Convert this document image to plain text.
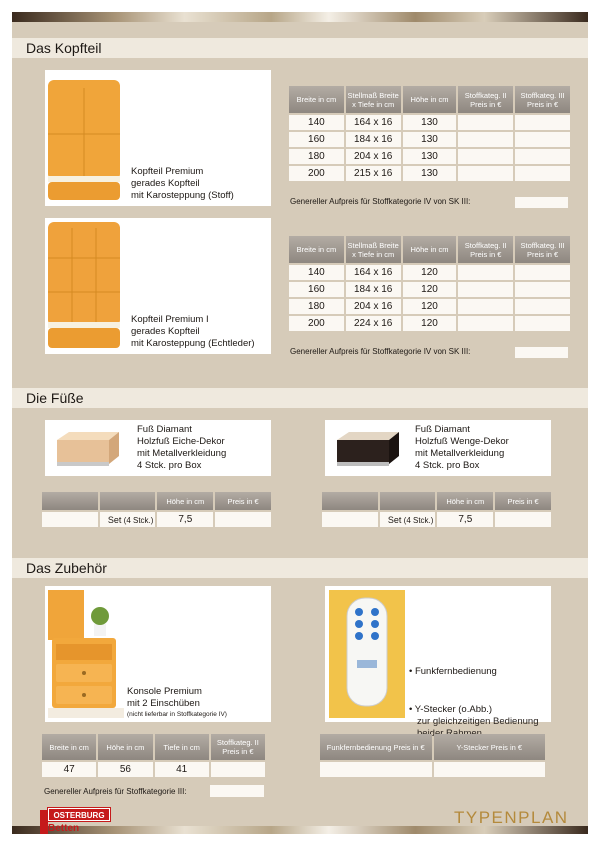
Das Kopfteil
Kopfteil Premium
gerades Kopfteil
mit Karosteppung (Stoff)
Breite in cm	Stellmaß Breite x Tiefe in cm	Höhe in cm	Stoffkateg. II Preis in €	Stoffkateg. III Preis in €
140	164 x 16	130		
160	184 x 16	130		
180	204 x 16	130		
200	215 x 16	130		
Genereller Aufpreis für Stoffkategorie IV von SK III:
Kopfteil Premium I
gerades Kopfteil
mit Karosteppung (Echtleder)
Breite in cm	Stellmaß Breite x Tiefe in cm	Höhe in cm	Stoffkateg. II Preis in €	Stoffkateg. III Preis in €
140	164 x 16	120		
160	184 x 16	120		
180	204 x 16	120		
200	224 x 16	120		
Genereller Aufpreis für Stoffkategorie IV von SK III:
Die Füße
Fuß Diamant
Holzfuß Eiche-Dekor
mit Metallverkleidung
4 Stck. pro Box
		Höhe in cm	Preis in €
	Set (4 Stck.)	7,5	
Fuß Diamant
Holzfuß Wenge-Dekor
mit Metallverkleidung
4 Stck. pro Box
		Höhe in cm	Preis in €
	Set (4 Stck.)	7,5	
Das Zubehör
Konsole Premium
mit 2 Einschüben
(nicht lieferbar in Stoffkategorie IV)
Breite in cm	Höhe in cm	Tiefe in cm	Stoffkateg. II Preis in €
47	56	41	
Genereller Aufpreis für Stoffkategorie III:
• Funkfernbedienung
• Y-Stecker (o.Abb.)
zur gleichzeitigen Bedienung
Funkfernbedienung Preis in €	Y-Stecker Preis in €

OSTERBURG
Betten
TYPENPLAN
